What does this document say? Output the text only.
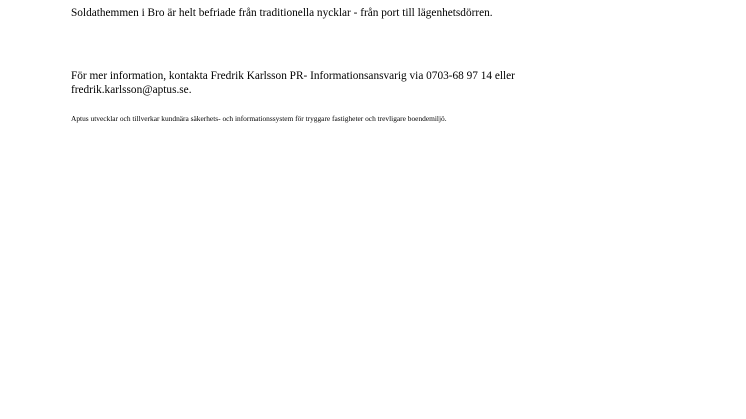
Soldathemmen i Bro är helt befriade från traditionella nycklar - från port till lägenhetsdörren.

För mer information, kontakta Fredrik Karlsson PR- Informationsansvarig via 0703-68 97 14 eller
fredrik.karlsson@aptus.se.

Aptus utvecklar och tillverkar kundnära säkerhets- och informationssystem för tryggare fastigheter och trevligare boendemiljö.
